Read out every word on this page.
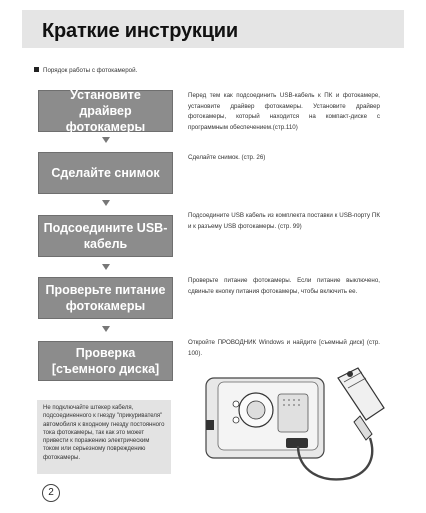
Краткие инструкции
Порядок работы с фотокамерой.
Установите драйвер
фотокамеры
Перед тем как подсоединить USB-кабель к ПК и фотокамере, установите драйвер фотокамеры. Установите драйвер фотокамеры, который находится на компакт-диске с программным обеспечением.(стр.110)
Сделайте снимок
Сделайте снимок. (стр. 26)
Подсоедините USB-
кабель
Подсоедините USB кабель из комплекта поставки к USB-порту ПК и к разъему USB фотокамеры. (стр. 99)
Проверьте питание
фотокамеры
Проверьте питание фотокамеры. Если питание выключено, сдвиньте кнопку питания фотокамеры, чтобы включить ее.
Проверка
[съемного диска]
Откройте ПРОВОДНИК Windows и найдите [съемный диск] (стр. 100).
Не подключайте штекер кабеля, подсоединенного к гнезду "прикуривателя" автомобиля к входному гнезду постоянного тока фотокамеры, так как это может привести к поражению электрическим током или серьезному повреждению фотокамеры.
2
